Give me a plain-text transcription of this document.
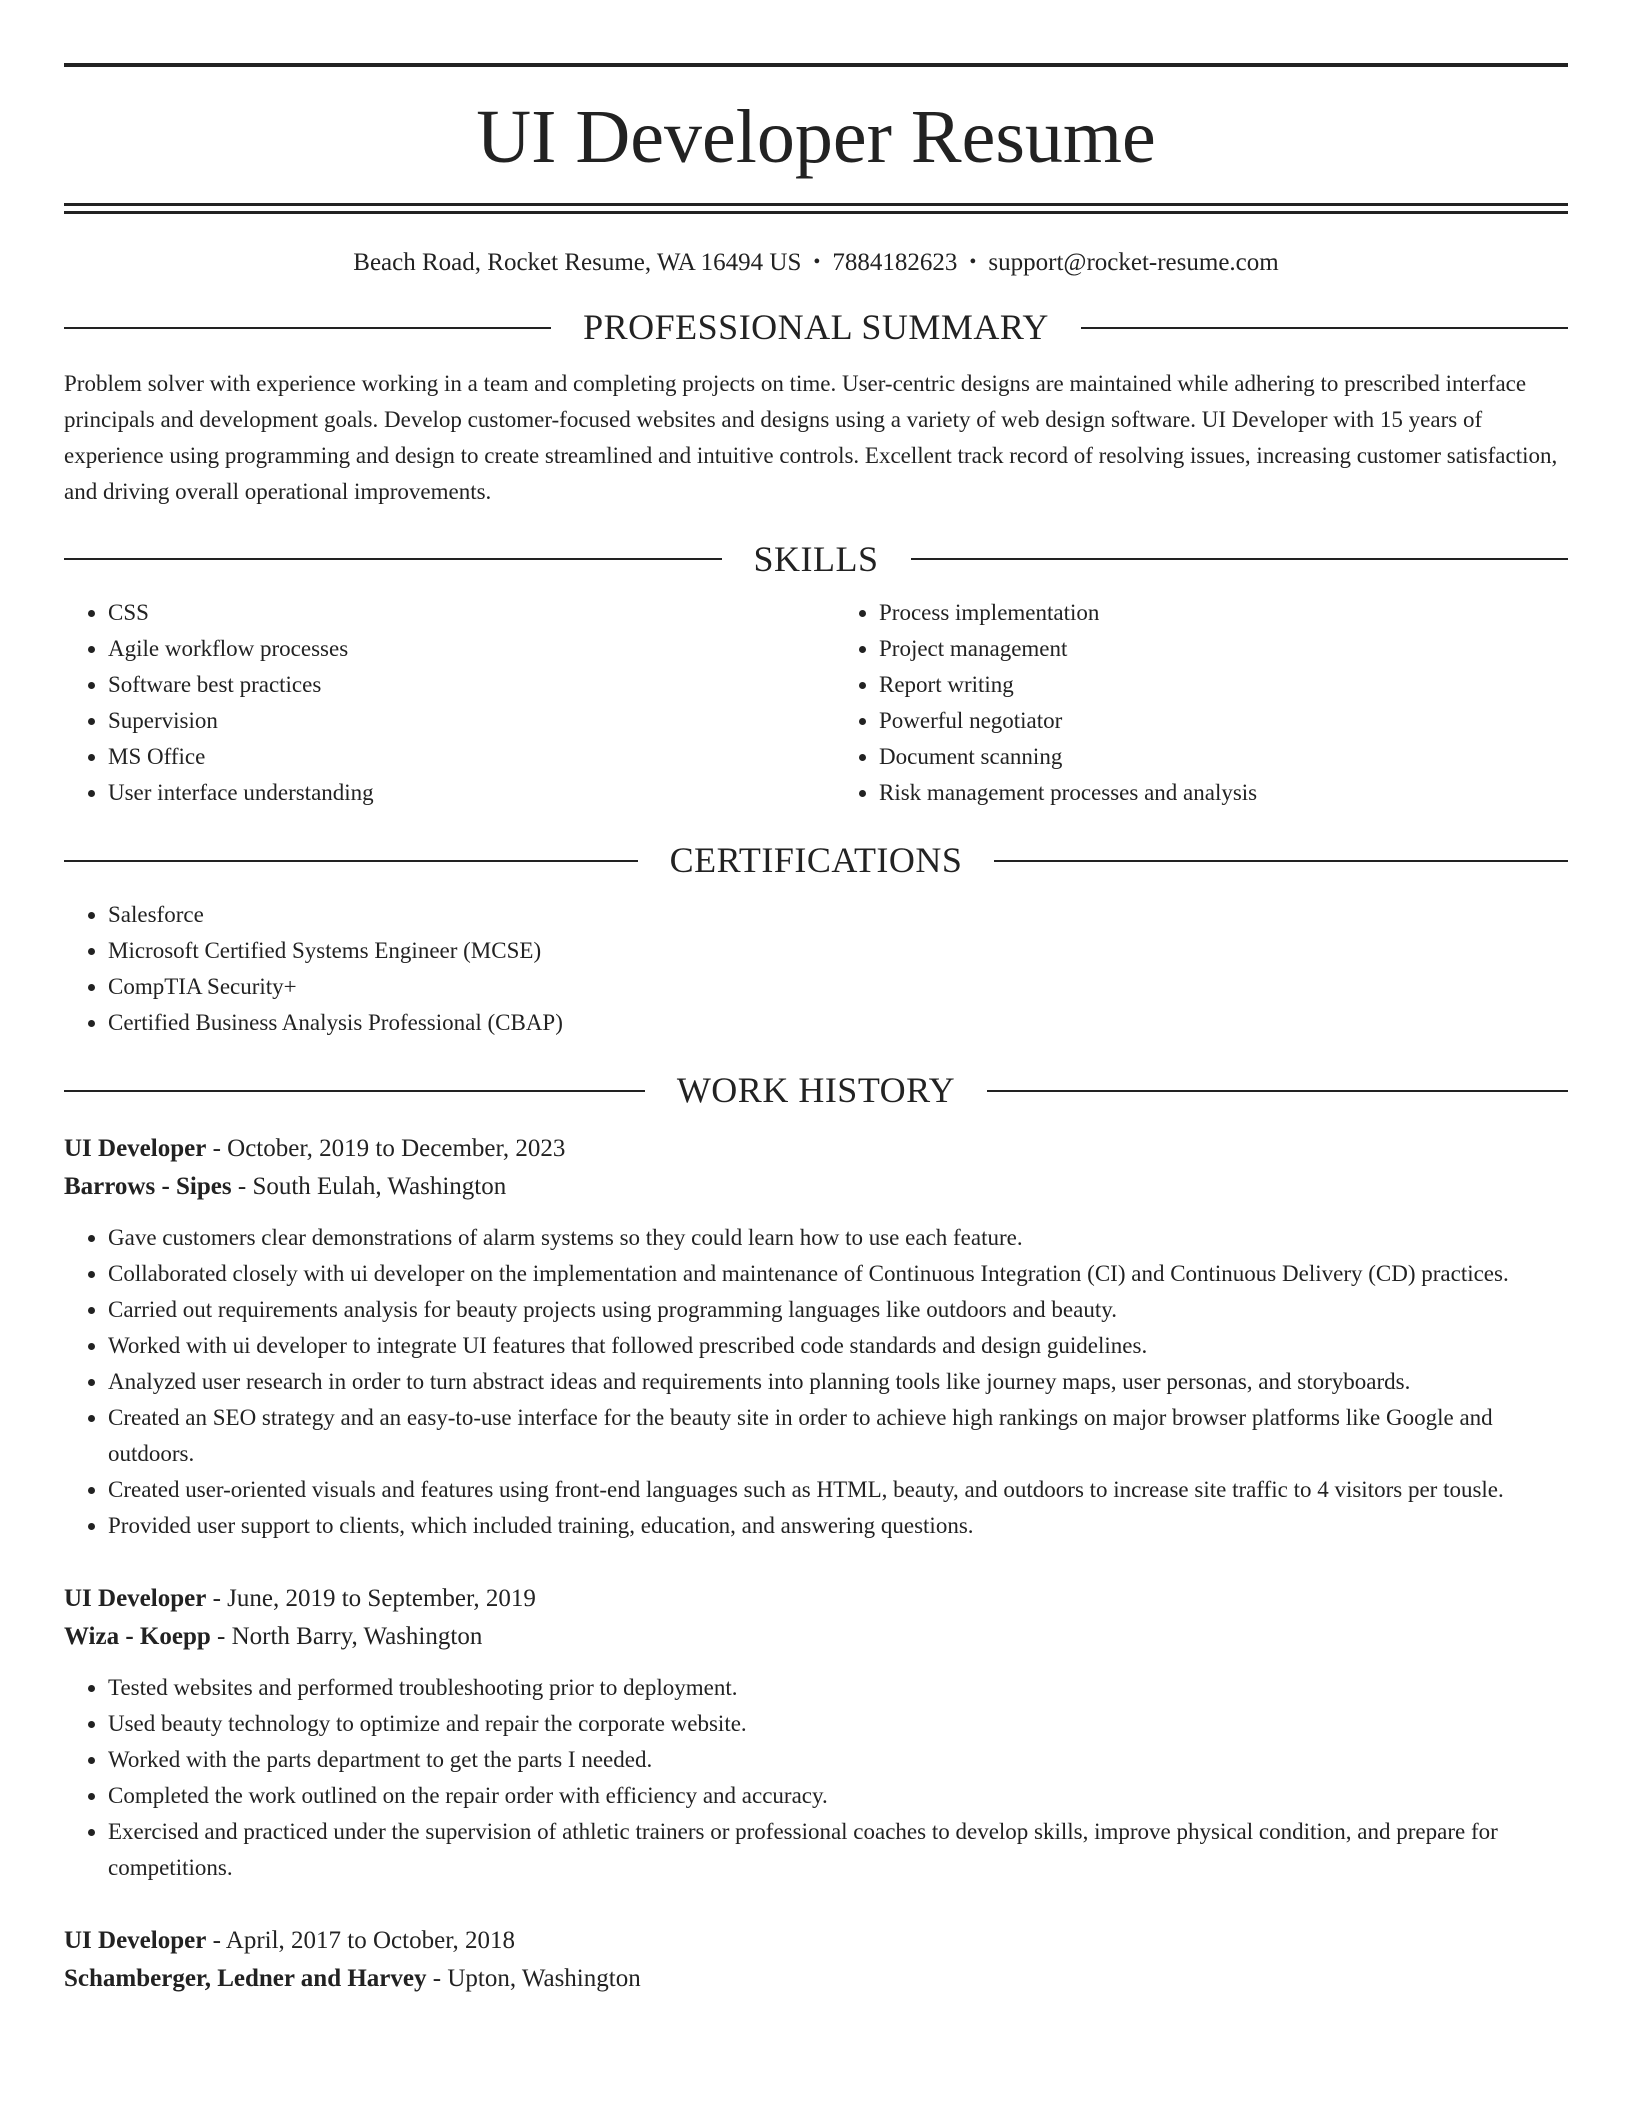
UI Developer Resume
Beach Road, Rocket Resume, WA 16494 US • 7884182623 • support@rocket-resume.com
PROFESSIONAL SUMMARY
Problem solver with experience working in a team and completing projects on time. User-centric designs are maintained while adhering to prescribed interface principals and development goals. Develop customer-focused websites and designs using a variety of web design software. UI Developer with 15 years of experience using programming and design to create streamlined and intuitive controls. Excellent track record of resolving issues, increasing customer satisfaction, and driving overall operational improvements.
SKILLS
• CSS
• Agile workflow processes
• Software best practices
• Supervision
• MS Office
• User interface understanding
• Process implementation
• Project management
• Report writing
• Powerful negotiator
• Document scanning
• Risk management processes and analysis
CERTIFICATIONS
• Salesforce
• Microsoft Certified Systems Engineer (MCSE)
• CompTIA Security+
• Certified Business Analysis Professional (CBAP)
WORK HISTORY
UI Developer - October, 2019 to December, 2023
Barrows - Sipes - South Eulah, Washington
• Gave customers clear demonstrations of alarm systems so they could learn how to use each feature.
• Collaborated closely with ui developer on the implementation and maintenance of Continuous Integration (CI) and Continuous Delivery (CD) practices.
• Carried out requirements analysis for beauty projects using programming languages like outdoors and beauty.
• Worked with ui developer to integrate UI features that followed prescribed code standards and design guidelines.
• Analyzed user research in order to turn abstract ideas and requirements into planning tools like journey maps, user personas, and storyboards.
• Created an SEO strategy and an easy-to-use interface for the beauty site in order to achieve high rankings on major browser platforms like Google and outdoors.
• Created user-oriented visuals and features using front-end languages such as HTML, beauty, and outdoors to increase site traffic to 4 visitors per tousle.
• Provided user support to clients, which included training, education, and answering questions.
UI Developer - June, 2019 to September, 2019
Wiza - Koepp - North Barry, Washington
• Tested websites and performed troubleshooting prior to deployment.
• Used beauty technology to optimize and repair the corporate website.
• Worked with the parts department to get the parts I needed.
• Completed the work outlined on the repair order with efficiency and accuracy.
• Exercised and practiced under the supervision of athletic trainers or professional coaches to develop skills, improve physical condition, and prepare for competitions.
UI Developer - April, 2017 to October, 2018
Schamberger, Ledner and Harvey - Upton, Washington
